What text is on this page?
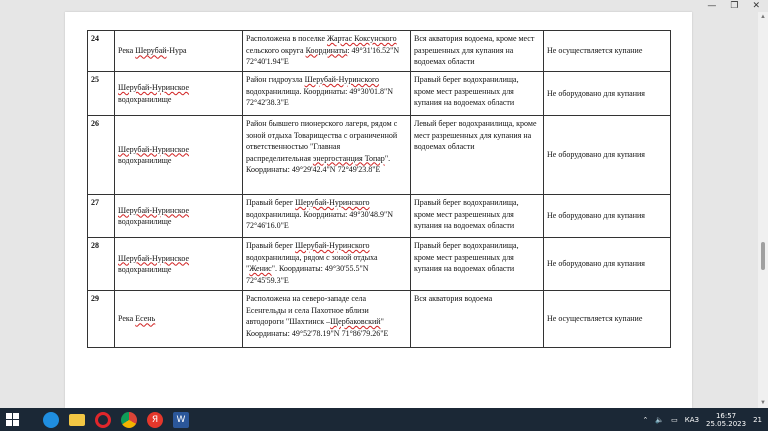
— ❐ ✕
24	Река Шерубай-Нура	Расположена в поселке Жартас Коксунского сельского округа Координаты: 49°31'16.52"N 72°40'1.94"E	Вся акватория водоема, кроме мест разрешенных для купания на водоемах области	Не осуществляется купание
25	Шерубай-Нуринское водохранилище	Район гидроузла Шерубай-Нуринского водохранилища. Координаты: 49°30'01.8"N 72°42'38.3"E	Правый берег водохранилища, кроме мест разрешенных для купания на водоемах области	Не оборудовано для купания
26	Шерубай-Нуринское водохранилище	Район бывшего пионерского лагеря, рядом с зоной отдыха Товарищества с ограниченной ответственностью "Главная распределительная энергостанция Топар". Координаты: 49°29'42.4"N 72°49'23.8"E	Левый берег водохранилища, кроме мест разрешенных для купания на водоемах области	Не оборудовано для купания
27	Шерубай-Нуринское водохранилище	Правый берег Шерубай-Нуринского водохранилища. Координаты: 49°30'48.9"N 72°46'16.0"E	Правый берег водохранилища, кроме мест разрешенных для купания на водоемах области	Не оборудовано для купания
28	Шерубай-Нуринское водохранилище	Правый берег Шерубай-Нуринского водохранилища, рядом с зоной отдыха "Женис". Координаты: 49°30'55.5"N 72°45'59.3"E	Правый берег водохранилища, кроме мест разрешенных для купания на водоемах области	Не оборудовано для купания
29	Река Есень	Расположена на северо-западе села Есенгельды и села Пахотное вблизи автодороги "Шахтинск –Щербаковский" Координаты: 49°52'78.19"N 71°86'79.26"E	Вся акватория водоема	Не осуществляется купание
▲
▼
Я	W	⌃ 🔈 ▭ КАЗ	16:57
25.05.2023 21
